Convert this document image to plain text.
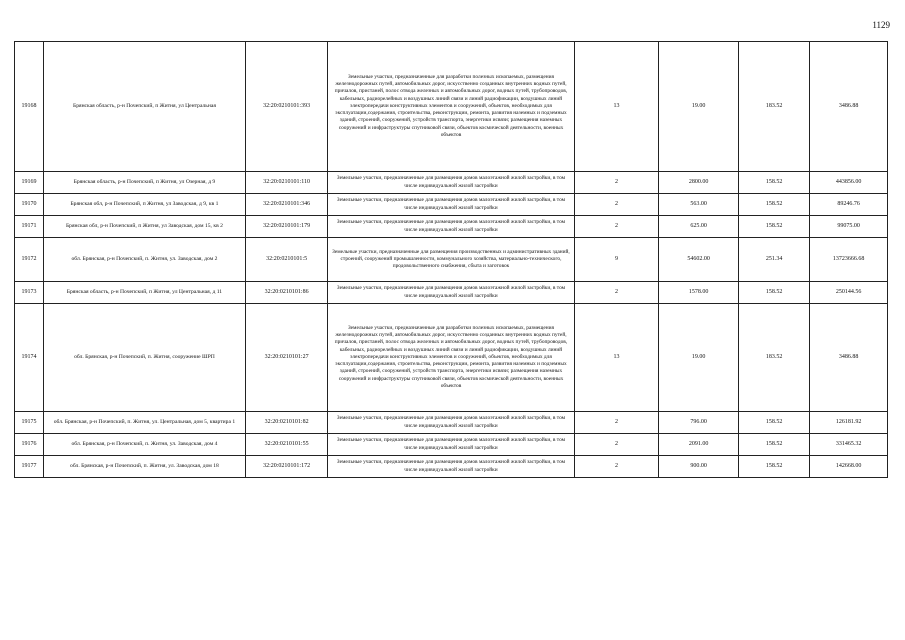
1129
19168	Брянская область, р-н Почепский, п Житня, ул Центральная	32:20:0210101:393	Земельные участки, предназначенные для разработки полезных ископаемых, размещения железнодорожных путей, автомобильных дорог, искусственно созданных внутренних водных путей, причалов, пристаней, полос отвода железных и автомобильных дорог, водных путей, трубопроводов, кабельных, радиорелейных и воздушных линий связи и линий радиофикации, воздушных линий электропередачи конструктивных элементов и сооружений, объектов, необходимых для эксплуатации,содержания, строительства, реконструкции, ремонта, развития наземных и подземных зданий, строений, сооружений, устройств транспорта, энергетики исвязи; размещения наземных сооружений и инфраструктуры спутниковой связи, объектов космической деятельности, военных объектов	13	19.00	183.52	3486.88
19169	Брянская область, р-н Почепский, п Житня, ул Озерная, д 9	32:20:0210101:110	Земельные участки, предназначенные для размещения домов малоэтажной жилой застройки, в том числе индивидуальной жилой застройки	2	2800.00	158.52	443856.00
19170	Брянская обл, р-н Почепский, п Житня, ул Заводская, д 9, кв 1	32:20:0210101:346	Земельные участки, предназначенные для размещения домов малоэтажной жилой застройки, в том числе индивидуальной жилой застройки	2	563.00	158.52	89246.76
19171	Брянская обл, р-н Почепский, п Житня, ул Заводская, дом 15, кв 2	32:20:0210101:179	Земельные участки, предназначенные для размещения домов малоэтажной жилой застройки, в том числе индивидуальной жилой застройки	2	625.00	158.52	99075.00
19172	обл. Брянская, р-н Почепский, п. Житня, ул. Заводская, дом 2	32:20:0210101:5	Земельные участки, предназначенные для размещения производственных и административных зданий, строений, сооружений промышленности, коммунального хозяйства, материально-технического, продовольственного снабжения, сбыта и заготовок	9	54602.00	251.34	13723666.68
19173	Брянская область, р-н Почепский, п Житня, ул Центральная, д 11	32:20:0210101:86	Земельные участки, предназначенные для размещения домов малоэтажной жилой застройки, в том числе индивидуальной жилой застройки	2	1578.00	158.52	250144.56
19174	обл. Брянская, р-н Почепский, п. Житня, сооружение ШРП	32:20:0210101:27	Земельные участки, предназначенные для разработки полезных ископаемых, размещения железнодорожных путей, автомобильных дорог, искусственно созданных внутренних водных путей, причалов, пристаней, полос отвода железных и автомобильных дорог, водных путей, трубопроводов, кабельных, радиорелейных и воздушных линий связи и линий радиофикации, воздушных линий электропередачи конструктивных элементов и сооружений, объектов, необходимых для эксплуатации,содержания, строительства, реконструкции, ремонта, развития наземных и подземных зданий, строений, сооружений, устройств транспорта, энергетики исвязи; размещения наземных сооружений и инфраструктуры спутниковой связи, объектов космической деятельности, военных объектов	13	19.00	183.52	3486.88
19175	обл. Брянская, р-н Почепский, п. Житня, ул. Центральная, дом 5, квартира 1	32:20:0210101:82	Земельные участки, предназначенные для размещения домов малоэтажной жилой застройки, в том числе индивидуальной жилой застройки	2	796.00	158.52	126181.92
19176	обл. Брянская, р-н Почепский, п. Житня, ул. Заводская, дом 4	32:20:0210101:55	Земельные участки, предназначенные для размещения домов малоэтажной жилой застройки, в том числе индивидуальной жилой застройки	2	2091.00	158.52	331465.32
19177	обл. Брянская, р-н Почепский, п. Житня, ул. Заводская, дом 18	32:20:0210101:172	Земельные участки, предназначенные для размещения домов малоэтажной жилой застройки, в том числе индивидуальной жилой застройки	2	900.00	158.52	142668.00
